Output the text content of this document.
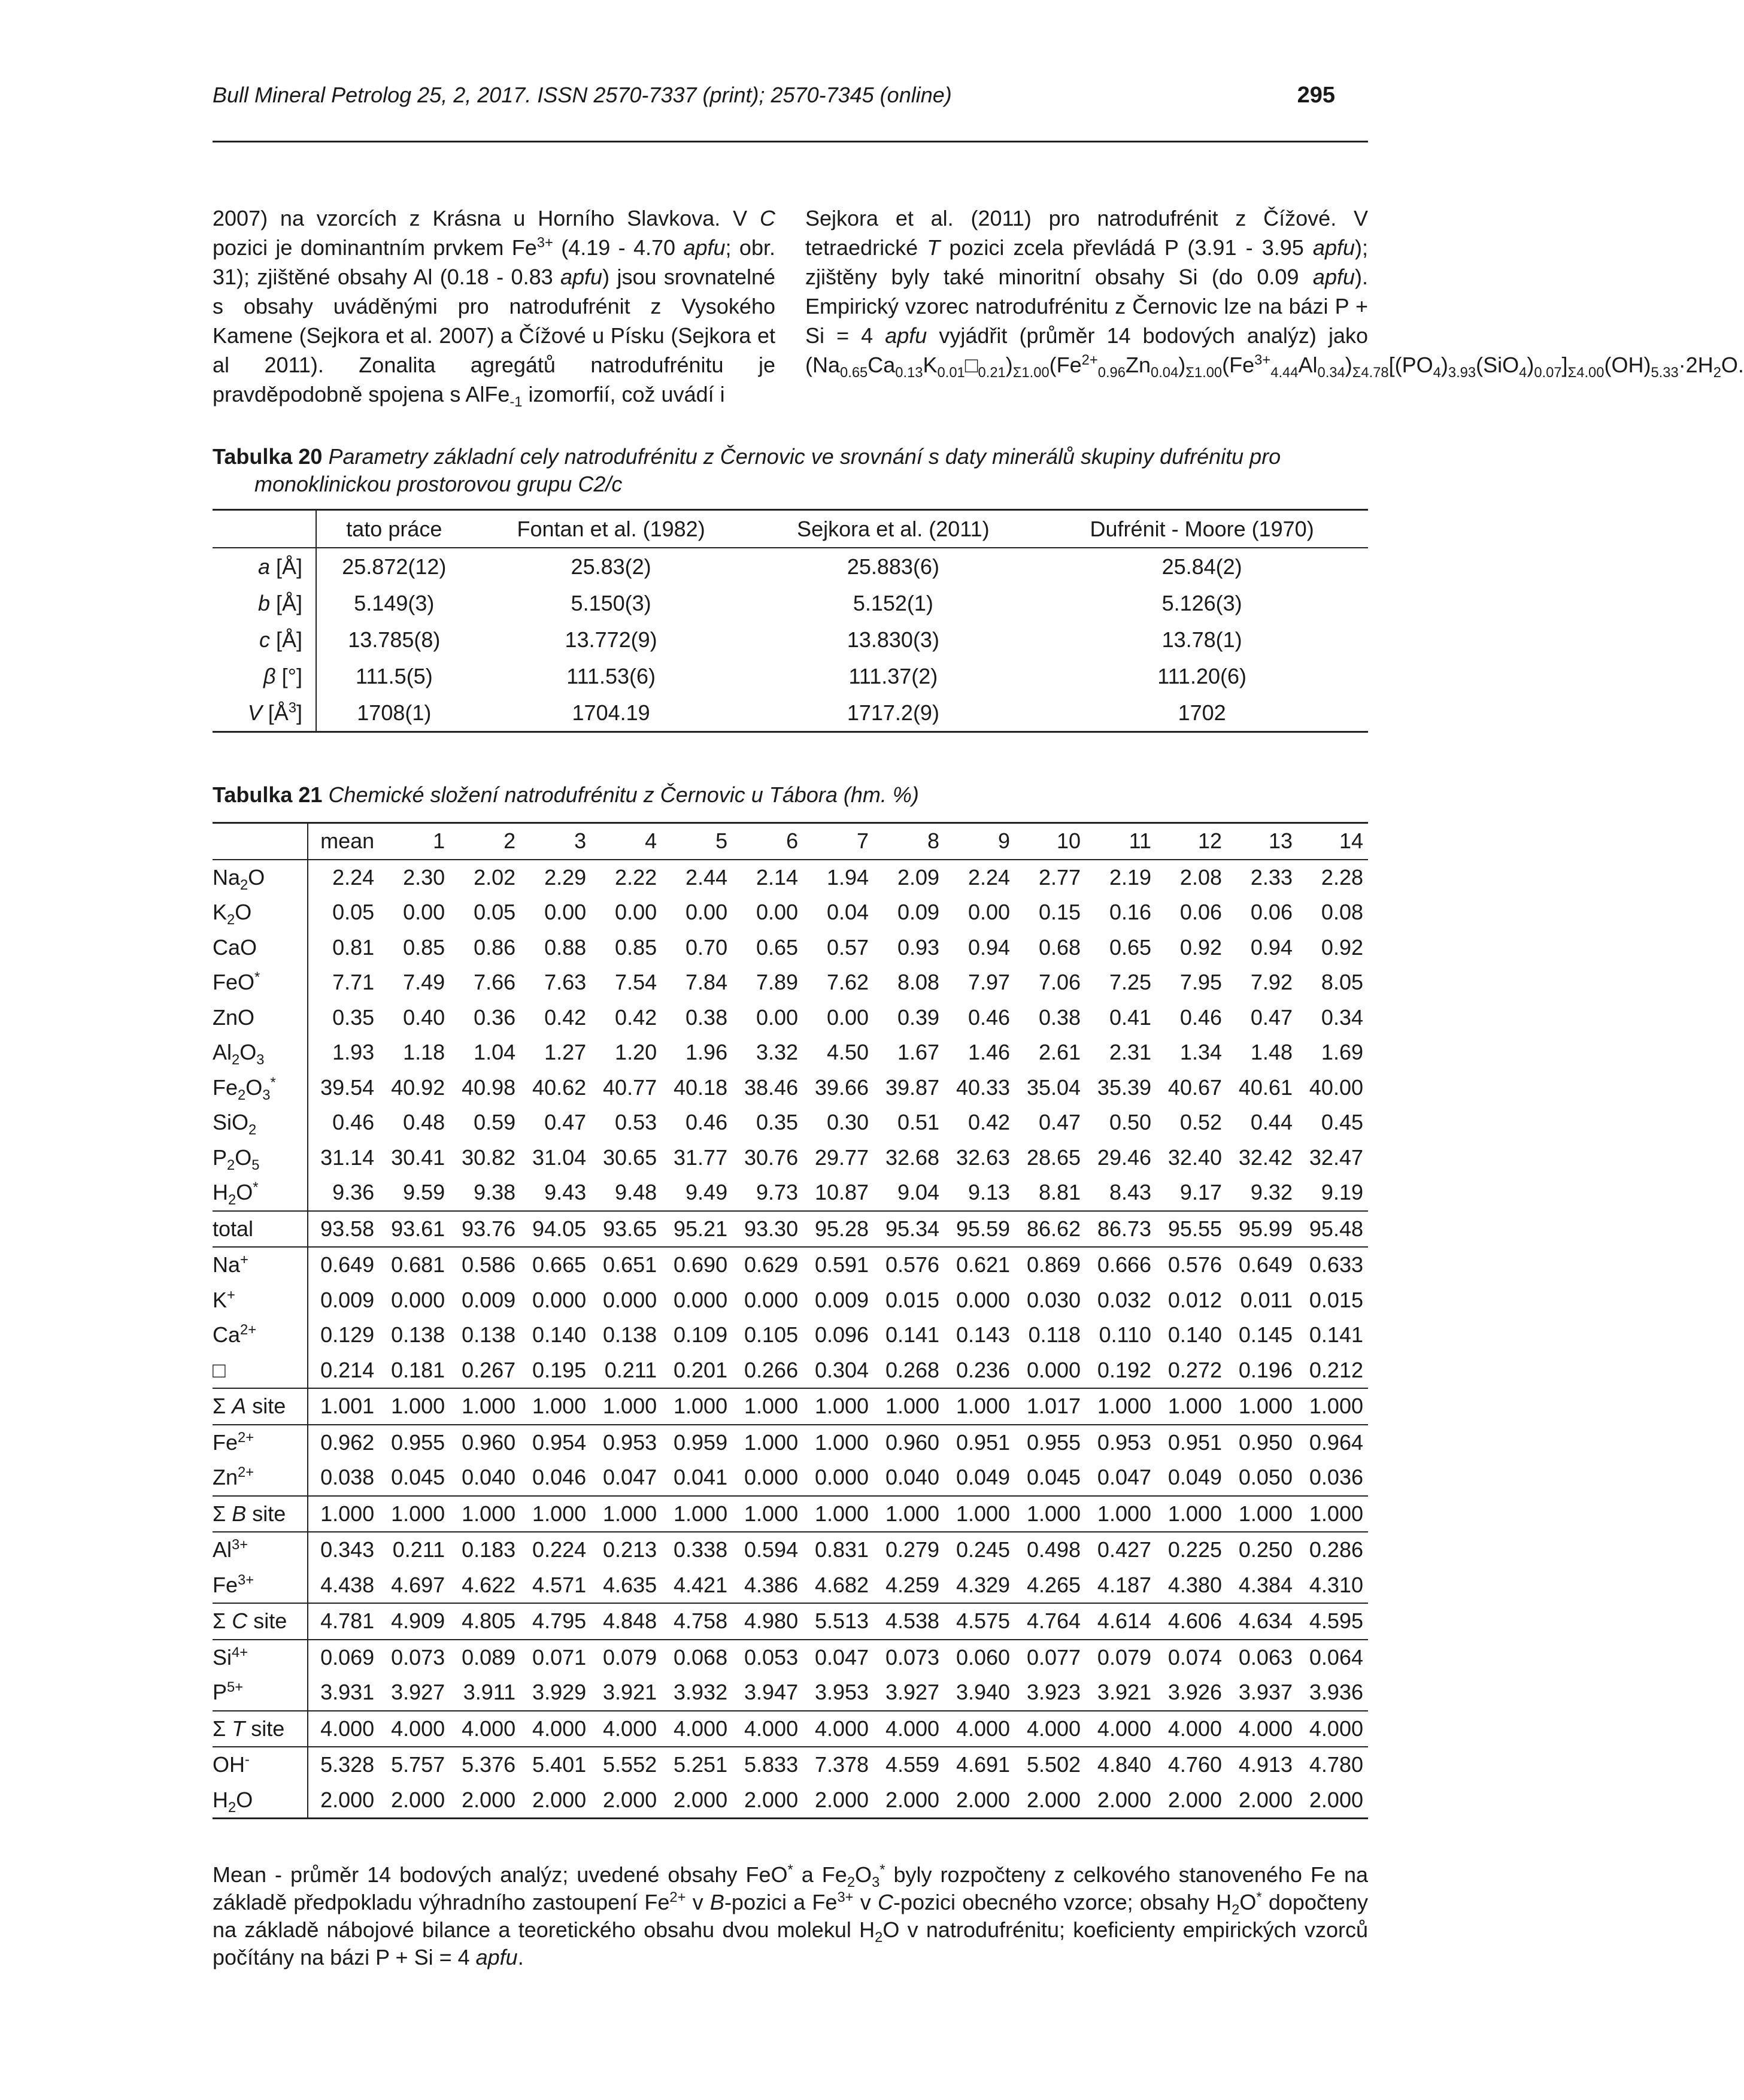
Bull Mineral Petrolog 25, 2, 2017. ISSN 2570-7337 (print); 2570-7345 (online)	295

2007) na vzorcích z Krásna u Horního Slavkova. V C pozici je dominantním prvkem $Fe^{3+}$ (4.19 - 4.70 apfu; obr. 31); zjištěné obsahy Al (0.18 - 0.83 apfu) jsou srovnatelné s obsahy uváděnými pro natrodufrénit z Vysokého Kamene (Sejkora et al. 2007) a Čížové u Písku (Sejkora et al 2011). Zonalita agregátů natrodufrénitu je pravděpodobně spojena s AlFe$_{-1}$ izomorfií, což uvádí i

Sejkora et al. (2011) pro natrodufrénit z Čížové. V tetraedrické T pozici zcela převládá P (3.91 - 3.95 apfu); zjištěny byly také minoritní obsahy Si (do 0.09 apfu). Empirický vzorec natrodufrénitu z Černovic lze na bázi P + Si = 4 apfu vyjádřit (průměr 14 bodových analýz) jako $(Na_{0.65}Ca_{0.13}K_{0.01}□_{0.21})_{\Sigma 1.00}(Fe^{2+}_{0.96}Zn_{0.04})_{\Sigma 1.00}(Fe^{3+}_{4.44}Al_{0.34})_{\Sigma 4.78}[(PO_4)_{3.93}(SiO_4)_{0.07}]_{\Sigma 4.00}(OH)_{5.33}\cdot 2H_2O$.

Tabulka 20 Parametry základní cely natrodufrénitu z Černovic ve srovnání s daty minerálů skupiny dufrénitu pro monoklinickou prostorovou grupu C2/c
	tato práce	Fontan et al. (1982)	Sejkora et al. (2011)	Dufrénit - Moore (1970)
a [Å]	25.872(12)	25.83(2)	25.883(6)	25.84(2)
b [Å]	5.149(3)	5.150(3)	5.152(1)	5.126(3)
c [Å]	13.785(8)	13.772(9)	13.830(3)	13.78(1)
β [°]	111.5(5)	111.53(6)	111.37(2)	111.20(6)
V $[Å^3]$	1708(1)	1704.19	1717.2(9)	1702
Tabulka 21 Chemické složení natrodufrénitu z Černovic u Tábora (hm. %)
	mean	1	2	3	4	5	6	7	8	9	10	11	12	13	14
$Na_2O$	2.24	2.30	2.02	2.29	2.22	2.44	2.14	1.94	2.09	2.24	2.77	2.19	2.08	2.33	2.28
$K_2O$	0.05	0.00	0.05	0.00	0.00	0.00	0.00	0.04	0.09	0.00	0.15	0.16	0.06	0.06	0.08
CaO	0.81	0.85	0.86	0.88	0.85	0.70	0.65	0.57	0.93	0.94	0.68	0.65	0.92	0.94	0.92
FeO*	7.71	7.49	7.66	7.63	7.54	7.84	7.89	7.62	8.08	7.97	7.06	7.25	7.95	7.92	8.05
ZnO	0.35	0.40	0.36	0.42	0.42	0.38	0.00	0.00	0.39	0.46	0.38	0.41	0.46	0.47	0.34
$Al_2O_3$	1.93	1.18	1.04	1.27	1.20	1.96	3.32	4.50	1.67	1.46	2.61	2.31	1.34	1.48	1.69
$Fe_2O_3^*$	39.54	40.92	40.98	40.62	40.77	40.18	38.46	39.66	39.87	40.33	35.04	35.39	40.67	40.61	40.00
SiO$_2$	0.46	0.48	0.59	0.47	0.53	0.46	0.35	0.30	0.51	0.42	0.47	0.50	0.52	0.44	0.45
$P_2O_5$	31.14	30.41	30.82	31.04	30.65	31.77	30.76	29.77	32.68	32.63	28.65	29.46	32.40	32.42	32.47
$H_2O^*$	9.36	9.59	9.38	9.43	9.48	9.49	9.73	10.87	9.04	9.13	8.81	8.43	9.17	9.32	9.19
total	93.58	93.61	93.76	94.05	93.65	95.21	93.30	95.28	95.34	95.59	86.62	86.73	95.55	95.99	95.48
Na+	0.649	0.681	0.586	0.665	0.651	0.690	0.629	0.591	0.576	0.621	0.869	0.666	0.576	0.649	0.633
K+	0.009	0.000	0.009	0.000	0.000	0.000	0.000	0.009	0.015	0.000	0.030	0.032	0.012	0.011	0.015
$Ca^{2+}$	0.129	0.138	0.138	0.140	0.138	0.109	0.105	0.096	0.141	0.143	0.118	0.110	0.140	0.145	0.141
□	0.214	0.181	0.267	0.195	0.211	0.201	0.266	0.304	0.268	0.236	0.000	0.192	0.272	0.196	0.212
Σ A site	1.001	1.000	1.000	1.000	1.000	1.000	1.000	1.000	1.000	1.000	1.017	1.000	1.000	1.000	1.000
$Fe^{2+}$	0.962	0.955	0.960	0.954	0.953	0.959	1.000	1.000	0.960	0.951	0.955	0.953	0.951	0.950	0.964
$Zn^{2+}$	0.038	0.045	0.040	0.046	0.047	0.041	0.000	0.000	0.040	0.049	0.045	0.047	0.049	0.050	0.036
Σ B site	1.000	1.000	1.000	1.000	1.000	1.000	1.000	1.000	1.000	1.000	1.000	1.000	1.000	1.000	1.000
$Al^{3+}$	0.343	0.211	0.183	0.224	0.213	0.338	0.594	0.831	0.279	0.245	0.498	0.427	0.225	0.250	0.286
$Fe^{3+}$	4.438	4.697	4.622	4.571	4.635	4.421	4.386	4.682	4.259	4.329	4.265	4.187	4.380	4.384	4.310
Σ C site	4.781	4.909	4.805	4.795	4.848	4.758	4.980	5.513	4.538	4.575	4.764	4.614	4.606	4.634	4.595
$Si^{4+}$	0.069	0.073	0.089	0.071	0.079	0.068	0.053	0.047	0.073	0.060	0.077	0.079	0.074	0.063	0.064
$P^{5+}$	3.931	3.927	3.911	3.929	3.921	3.932	3.947	3.953	3.927	3.940	3.923	3.921	3.926	3.937	3.936
Σ T site	4.000	4.000	4.000	4.000	4.000	4.000	4.000	4.000	4.000	4.000	4.000	4.000	4.000	4.000	4.000
OH-	5.328	5.757	5.376	5.401	5.552	5.251	5.833	7.378	4.559	4.691	5.502	4.840	4.760	4.913	4.780
$H_2O$	2.000	2.000	2.000	2.000	2.000	2.000	2.000	2.000	2.000	2.000	2.000	2.000	2.000	2.000	2.000
Mean - průměr 14 bodových analýz; uvedené obsahy FeO* a $Fe_2O_3^*$ byly rozpočteny z celkového stanoveného Fe na základě předpokladu výhradního zastoupení $Fe^{2+}$ v B-pozici a $Fe^{3+}$ v C-pozici obecného vzorce; obsahy $H_2O^*$ dopočteny na základě nábojové bilance a teoretického obsahu dvou molekul $H_2O$ v natrodufrénitu; koeficienty empirických vzorců počítány na bázi P + Si = 4 apfu.
